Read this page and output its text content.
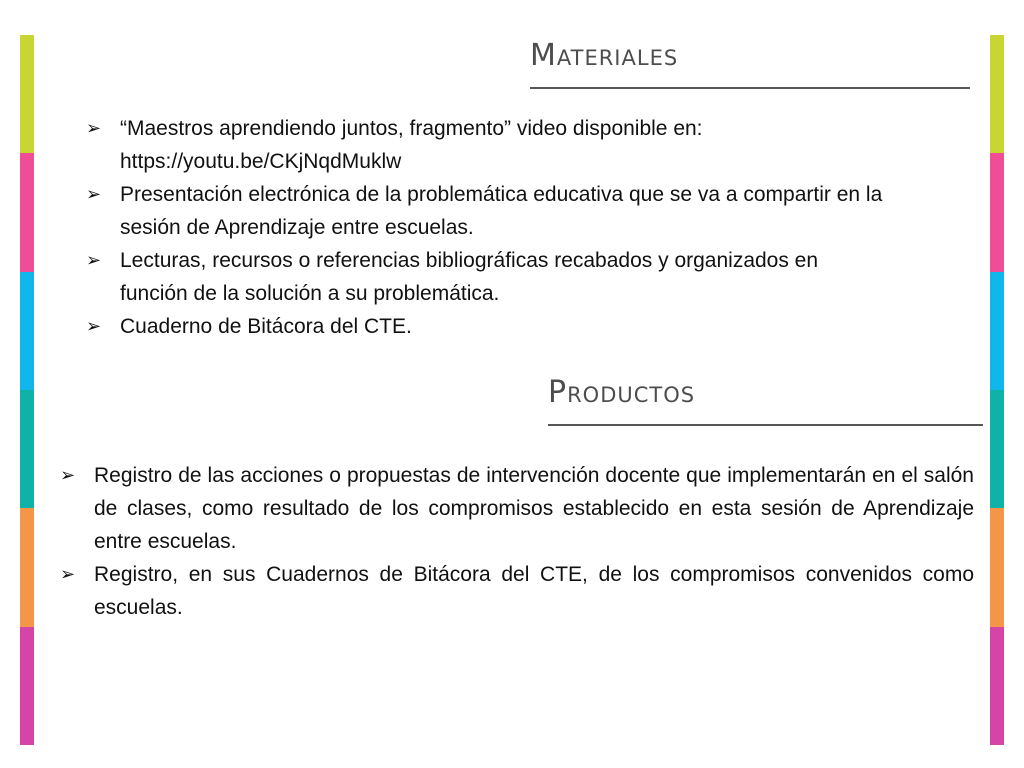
Materiales
➢ “Maestros aprendiendo juntos, fragmento” video disponible en: https://youtu.be/CKjNqdMuklw
➢ Presentación electrónica de la problemática educativa que se va a compartir en la sesión de Aprendizaje entre escuelas.
➢ Lecturas, recursos o referencias bibliográficas recabados y organizados en función de la solución a su problemática.
➢ Cuaderno de Bitácora del CTE.
Productos
➢ Registro de las acciones o propuestas de intervención docente que implementarán en el salón de clases, como resultado de los compromisos establecido en esta sesión de Aprendizaje entre escuelas.
➢ Registro, en sus Cuadernos de Bitácora del CTE, de los compromisos convenidos como escuelas.
